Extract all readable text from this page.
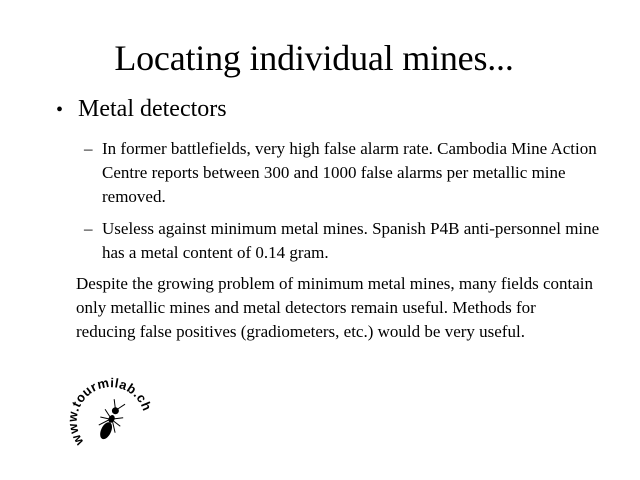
Locating individual mines...
• Metal detectors
– In former battlefields, very high false alarm rate. Cambodia Mine Action Centre reports between 300 and 1000 false alarms per metallic mine removed.
– Useless against minimum metal mines. Spanish P4B anti-personnel mine has a metal content of 0.14 gram.
Despite the growing problem of minimum metal mines, many fields contain only metallic mines and metal detectors remain useful. Methods for reducing false positives (gradiometers, etc.) would be very useful.
www.tourmilab.ch
